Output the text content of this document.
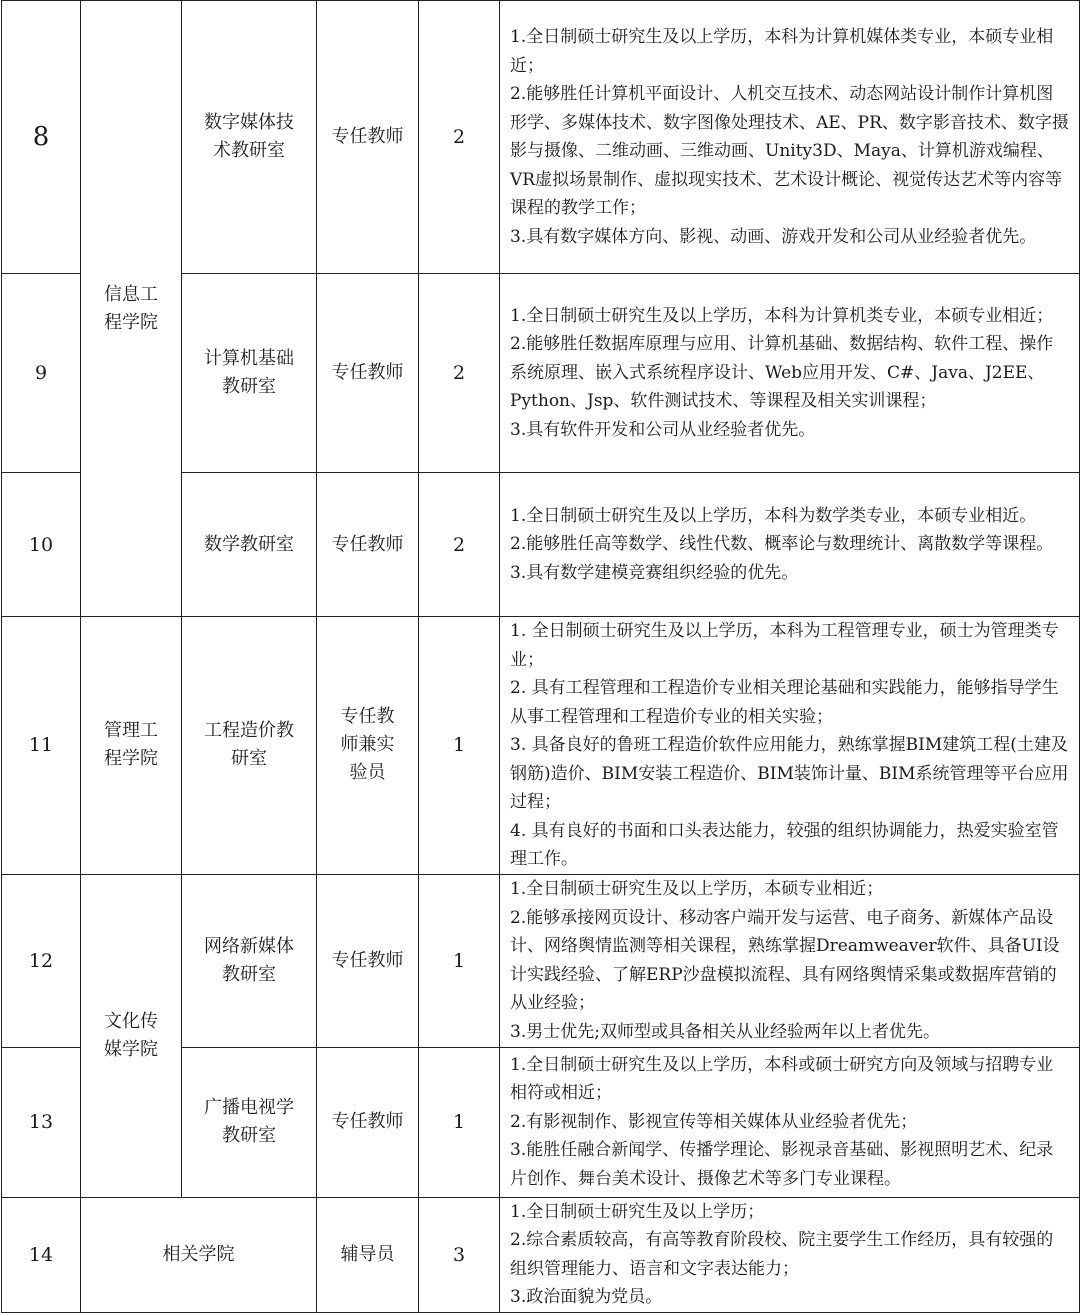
8	信息工程学院	数字媒体技术教研室	专任教师	2	1.全日制硕士研究生及以上学历，本科为计算机媒体类专业，本硕专业相近；
2.能够胜任计算机平面设计、人机交互技术、动态网站设计制作计算机图形学、多媒体技术、数字图像处理技术、AE、PR、数字影音技术、数字摄影与摄像、二维动画、三维动画、Unity3D、Maya、计算机游戏编程、VR虚拟场景制作、虚拟现实技术、艺术设计概论、视觉传达艺术等内容等课程的教学工作；
3.具有数字媒体方向、影视、动画、游戏开发和公司从业经验者优先。

9		计算机基础教研室	专任教师	2	1.全日制硕士研究生及以上学历，本科为计算机类专业，本硕专业相近；
2.能够胜任数据库原理与应用、计算机基础、数据结构、软件工程、操作系统原理、嵌入式系统程序设计、Web应用开发、C#、Java、J2EE、Python、Jsp、软件测试技术、等课程及相关实训课程；
3.具有软件开发和公司从业经验者优先。

10		数学教研室	专任教师	2	1.全日制硕士研究生及以上学历，本科为数学类专业，本硕专业相近。
2.能够胜任高等数学、线性代数、概率论与数理统计、离散数学等课程。
3.具有数学建模竞赛组织经验的优先。

11	管理工程学院	工程造价教研室	专任教师兼实验员	1	1. 全日制硕士研究生及以上学历，本科为工程管理专业，硕士为管理类专业；
2. 具有工程管理和工程造价专业相关理论基础和实践能力，能够指导学生从事工程管理和工程造价专业的相关实验；
3. 具备良好的鲁班工程造价软件应用能力，熟练掌握BIM建筑工程(土建及钢筋)造价、BIM安装工程造价、BIM装饰计量、BIM系统管理等平台应用过程；
4. 具有良好的书面和口头表达能力，较强的组织协调能力，热爱实验室管理工作。

12	文化传媒学院	网络新媒体教研室	专任教师	1	1.全日制硕士研究生及以上学历，本硕专业相近；
2.能够承接网页设计、移动客户端开发与运营、电子商务、新媒体产品设计、网络舆情监测等相关课程，熟练掌握Dreamweaver软件、具备UI设计实践经验、了解ERP沙盘模拟流程、具有网络舆情采集或数据库营销的从业经验；
3.男士优先;双师型或具备相关从业经验两年以上者优先。

13		广播电视学教研室	专任教师	1	1.全日制硕士研究生及以上学历，本科或硕士研究方向及领域与招聘专业相符或相近；
2.有影视制作、影视宣传等相关媒体从业经验者优先；
3.能胜任融合新闻学、传播学理论、影视录音基础、影视照明艺术、纪录片创作、舞台美术设计、摄像艺术等多门专业课程。

14	相关学院		辅导员	3	1.全日制硕士研究生及以上学历；
2.综合素质较高，有高等教育阶段校、院主要学生工作经历，具有较强的组织管理能力、语言和文字表达能力；
3.政治面貌为党员。
